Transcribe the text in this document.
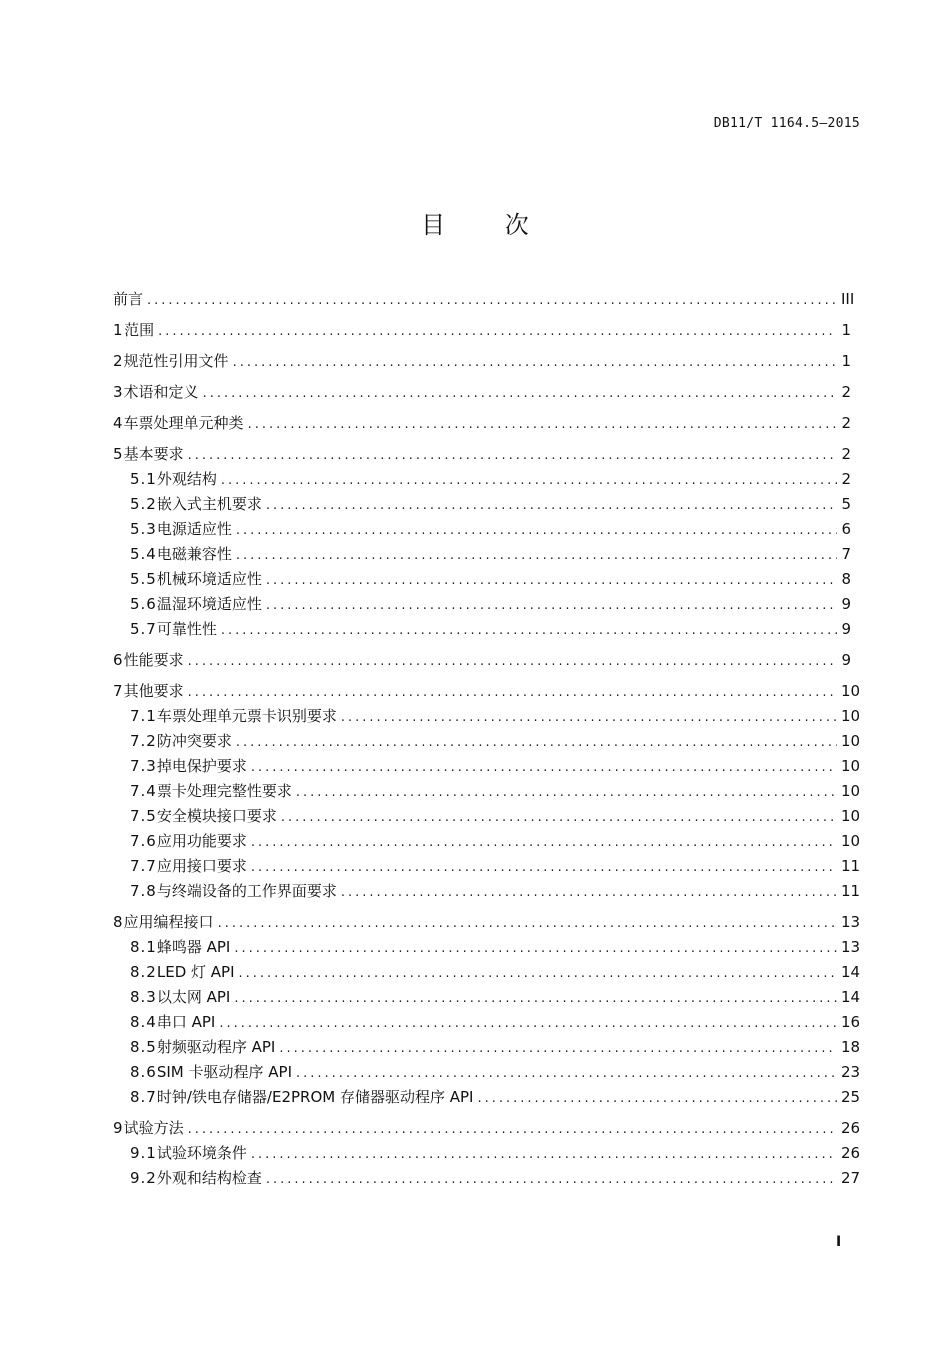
DB11/T 1164.5—2015
目 次
前言 .....	III
1 范围 .....	1
2 规范性引用文件 .....	1
3 术语和定义 .....	2
4 车票处理单元种类 .....	2
5 基本要求 .....	2
5.1 外观结构 .....	2
5.2 嵌入式主机要求 .....	5
5.3 电源适应性 .....	6
5.4 电磁兼容性 .....	7
5.5 机械环境适应性 .....	8
5.6 温湿环境适应性 .....	9
5.7 可靠性性 .....	9
6 性能要求 .....	9
7 其他要求 .....	10
7.1 车票处理单元票卡识别要求 .....	10
7.2 防冲突要求 .....	10
7.3 掉电保护要求 .....	10
7.4 票卡处理完整性要求 .....	10
7.5 安全模块接口要求 .....	10
7.6 应用功能要求 .....	10
7.7 应用接口要求 .....	11
7.8 与终端设备的工作界面要求 .....	11
8 应用编程接口 .....	13
8.1 蜂鸣器 API .....	13
8.2 LED 灯 API .....	14
8.3 以太网 API .....	14
8.4 串口 API .....	16
8.5 射频驱动程序 API .....	18
8.6 SIM 卡驱动程序 API .....	23
8.7 时钟/铁电存储器/E2PROM 存储器驱动程序 API .....	25
9 试验方法 .....	26
9.1 试验环境条件 .....	26
9.2 外观和结构检查 .....	27
I
